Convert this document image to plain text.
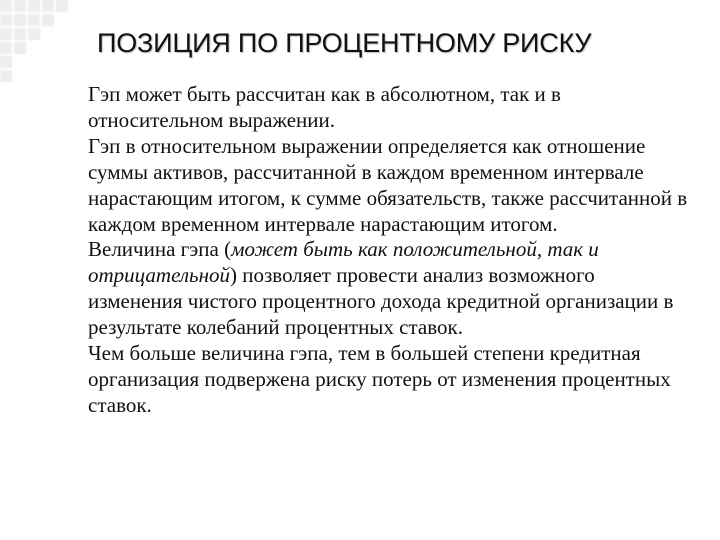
ПОЗИЦИЯ ПО ПРОЦЕНТНОМУ РИСКУ

Гэп может быть рассчитан как в абсолютном, так и в относительном выражении.

Гэп в относительном выражении определяется как отношение суммы активов, рассчитанной в каждом временном интервале нарастающим итогом, к сумме обязательств, также рассчитанной в каждом временном интервале нарастающим итогом.

Величина гэпа (может быть как положительной, так и отрицательной) позволяет провести анализ возможного изменения чистого процентного дохода кредитной организации в результате колебаний процентных ставок.

Чем больше величина гэпа, тем в большей степени кредитная организация подвержена риску потерь от изменения процентных ставок.
